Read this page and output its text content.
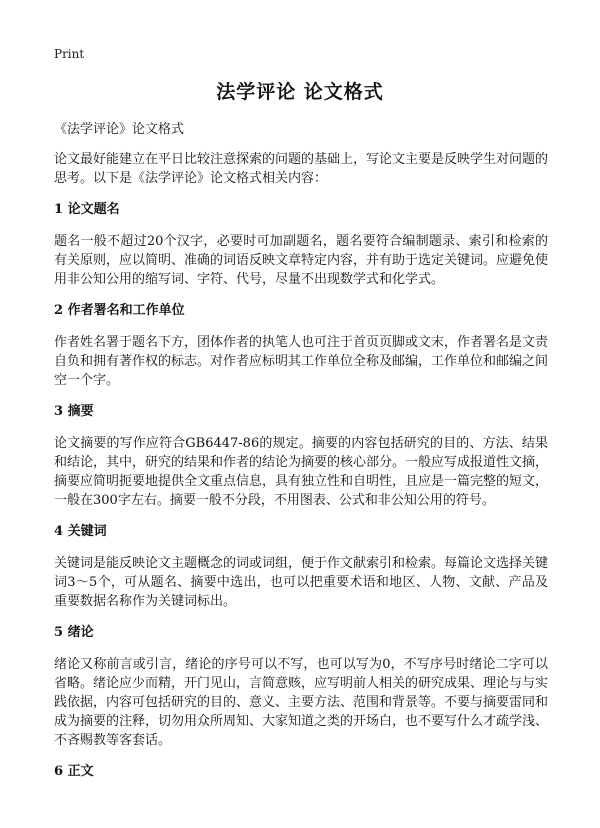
Print
法学评论 论文格式
《法学评论》论文格式

论文最好能建立在平日比较注意探索的问题的基础上，写论文主要是反映学生对问题的思考。以下是《法学评论》论文格式相关内容：

1 论文题名

题名一般不超过20个汉字，必要时可加副题名，题名要符合编制题录、索引和检索的有关原则，应以简明、准确的词语反映文章特定内容，并有助于选定关键词。应避免使用非公知公用的缩写词、字符、代号，尽量不出现数学式和化学式。

2 作者署名和工作单位

作者姓名署于题名下方，团体作者的执笔人也可注于首页页脚或文末，作者署名是文责自负和拥有著作权的标志。对作者应标明其工作单位全称及邮编，工作单位和邮编之间空一个字。

3 摘要

论文摘要的写作应符合GB6447-86的规定。摘要的内容包括研究的目的、方法、结果和结论，其中，研究的结果和作者的结论为摘要的核心部分。一般应写成报道性文摘，摘要应简明扼要地提供全文重点信息，具有独立性和自明性，且应是一篇完整的短文，一般在300字左右。摘要一般不分段，不用图表、公式和非公知公用的符号。

4 关键词

关键词是能反映论文主题概念的词或词组，便于作文献索引和检索。每篇论文选择关键词3～5个，可从题名、摘要中选出，也可以把重要术语和地区、人物、文献、产品及重要数据名称作为关键词标出。

5 绪论

绪论又称前言或引言，绪论的序号可以不写，也可以写为0，不写序号时绪论二字可以省略。绪论应少而精，开门见山，言简意赅，应写明前人相关的研究成果、理论与与实践依据，内容可包括研究的目的、意义、主要方法、范围和背景等。不要与摘要雷同和成为摘要的注释，切勿用众所周知、大家知道之类的开场白，也不要写什么才疏学浅、不吝赐教等客套话。

6 正文
